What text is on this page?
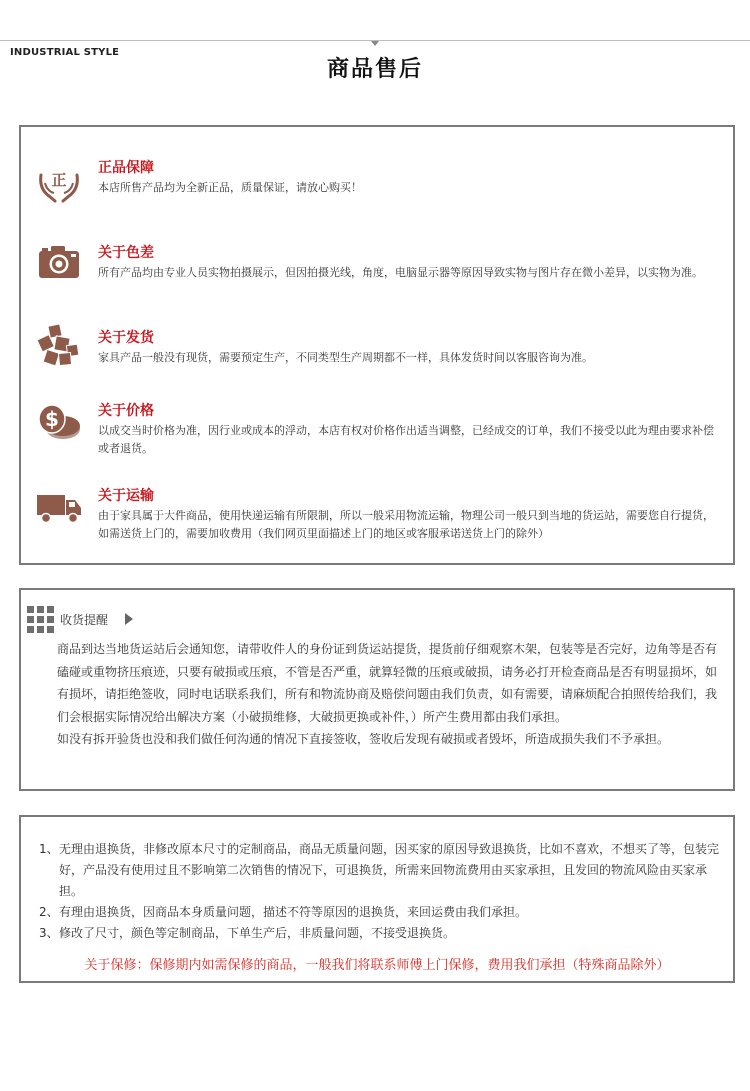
INDUSTRIAL STYLE
商品售后
正
正品保障
本店所售产品均为全新正品，质量保证，请放心购买！
关于色差
所有产品均由专业人员实物拍摄展示，但因拍摄光线，角度，电脑显示器等原因导致实物与图片存在微小差异，以实物为准。
关于发货
家具产品一般没有现货，需要预定生产，不同类型生产周期都不一样，具体发货时间以客服咨询为准。
$	关于价格
以成交当时价格为准，因行业或成本的浮动，本店有权对价格作出适当调整，已经成交的订单，我们不接受以此为理由要求补偿或者退货。
关于运输
由于家具属于大件商品，使用快递运输有所限制，所以一般采用物流运输，物理公司一般只到当地的货运站，需要您自行提货，如需送货上门的，需要加收费用（我们网页里面描述上门的地区或客服承诺送货上门的除外）
收货提醒
商品到达当地货运站后会通知您，请带收件人的身份证到货运站提货，提货前仔细观察木架，包装等是否完好，边角等是否有磕碰或重物挤压痕迹，只要有破损或压痕，不管是否严重，就算轻微的压痕或破损，请务必打开检查商品是否有明显损坏，如有损坏，请拒绝签收，同时电话联系我们，所有和物流协商及赔偿问题由我们负责，如有需要，请麻烦配合拍照传给我们，我们会根据实际情况给出解决方案（小破损维修，大破损更换或补件，）所产生费用都由我们承担。
如没有拆开验货也没和我们做任何沟通的情况下直接签收，签收后发现有破损或者毁坏，所造成损失我们不予承担。
1、 无理由退换货，非修改原本尺寸的定制商品，商品无质量问题，因买家的原因导致退换货，比如不喜欢，不想买了等，包装完好，产品没有使用过且不影响第二次销售的情况下，可退换货，所需来回物流费用由买家承担，且发回的物流风险由买家承担。
2、 有理由退换货，因商品本身质量问题，描述不符等原因的退换货，来回运费由我们承担。
3、 修改了尺寸，颜色等定制商品，下单生产后，非质量问题，不接受退换货。
关于保修：保修期内如需保修的商品，一般我们将联系师傅上门保修，费用我们承担（特殊商品除外）
